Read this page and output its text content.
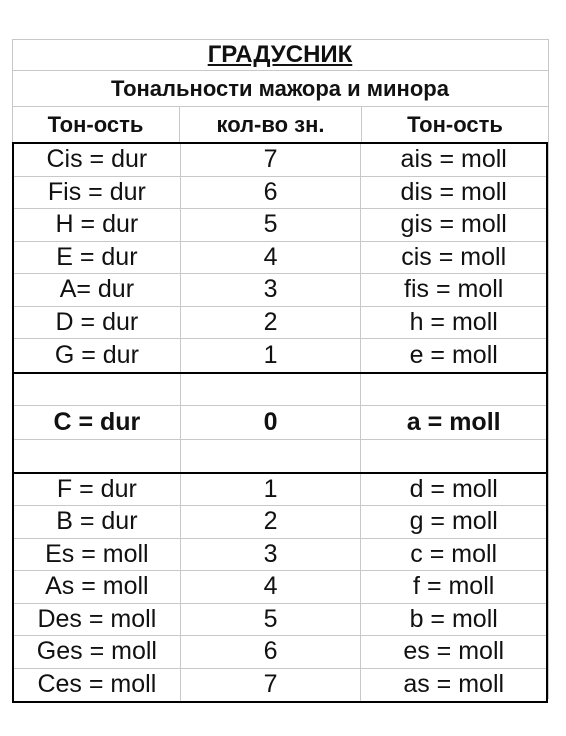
ГРАДУСНИК
Тональности мажора и минора
Тон-ость	кол-во зн.	Тон-ость
Cis = dur	7	ais = moll
Fis = dur	6	dis = moll
H = dur	5	gis = moll
E = dur	4	cis = moll
A= dur	3	fis = moll
D = dur	2	h = moll
G = dur	1	e = moll
C = dur	0	a = moll
F = dur	1	d = moll
B = dur	2	g = moll
Es = moll	3	c = moll
As = moll	4	f = moll
Des = moll	5	b = moll
Ges = moll	6	es = moll
Ces = moll	7	as = moll
